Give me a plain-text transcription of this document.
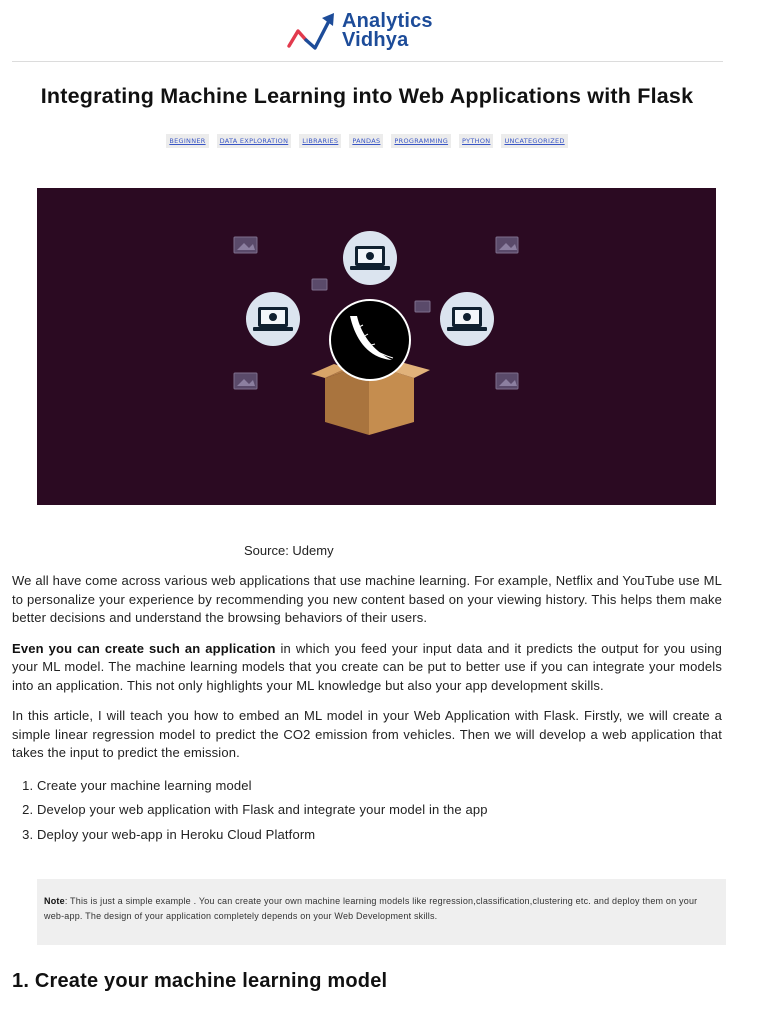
Analytics
Vidhya
Integrating Machine Learning into Web Applications with Flask
BEGINNER	DATA EXPLORATION	LIBRARIES	PANDAS	PROGRAMMING	PYTHON	UNCATEGORIZED
Source: Udemy

We all have come across various web applications that use machine learning. For example, Netflix and YouTube use ML to personalize your experience by recommending you new content based on your viewing history. This helps them make better decisions and understand the browsing behaviors of their users.

Even you can create such an application in which you feed your input data and it predicts the output for you using your ML model. The machine learning models that you create can be put to better use if you can integrate your models into an application. This not only highlights your ML knowledge but also your app development skills.

In this article, I will teach you how to embed an ML model in your Web Application with Flask. Firstly, we will create a simple linear regression model to predict the CO2 emission from vehicles. Then we will develop a web application that takes the input to predict the emission.

1. Create your machine learning model
2. Develop your web application with Flask and integrate your model in the app
3. Deploy your web-app in Heroku Cloud Platform
Note: This is just a simple example . You can create your own machine learning models like regression,classification,clustering etc. and deploy them on your web-app. The design of your application completely depends on your Web Development skills.
1. Create your machine learning model
